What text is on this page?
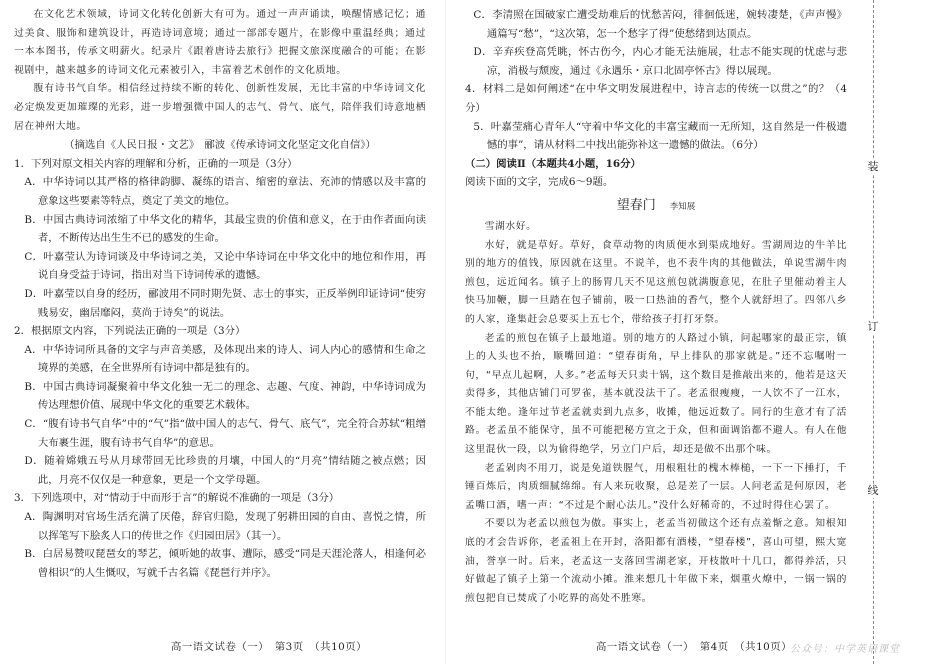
在文化艺术领域，诗词文化转化创新大有可为。通过一声声诵读，唤醒情感记忆；通过美食、服饰和建筑设计，再造诗词意境；通过一部部专题片，在影像中重温经典；通过一本本图书，传承文明薪火。纪录片《跟着唐诗去旅行》把握文旅深度融合的可能；在影视剧中，越来越多的诗词文化元素被引入，丰富着艺术创作的文化质地。

腹有诗书气自华。相信经过持续不断的转化、创新性发展，无比丰富的中华诗词文化必定焕发更加璀璨的光彩，进一步增强微中国人的志气、骨气、底气，陪伴我们诗意地栖居在神州大地。

（摘选自《人民日报・文艺》　郦波《传承诗词文化坚定文化自信》）

1．下列对原文相关内容的理解和分析，正确的一项是（3分）

A．中华诗词以其严格的格律韵脚、凝练的语言、缩密的章法、充沛的情感以及丰富的意象这些要素等特点，奠定了美文的地位。

B．中国古典诗词浓缩了中华文化的精华，其最宝贵的价值和意义，在于由作者面向读者，不断传达出生生不已的感发的生命。

C．叶嘉莹认为诗词谈及中华诗词之美，又论中华诗词在中华文化中的地位和作用，再说自身受益于诗词，指出对当下诗词传承的遗憾。

D．叶嘉莹以自身的经历，郦波用不同时期先贤、志士的事实，正反举例印证诗词“使穷贱易安，幽居靡闷，莫尚于诗矣”的说法。

2．根据原文内容，下列说法正确的一项是（3分）

A．中华诗词所具备的文字与声音美感，及体现出来的诗人、词人内心的感情和生命之境界的美感，在全世界所有诗词中都是独有的。

B．中国古典诗词凝聚着中华文化独一无二的理念、志趣、气度、神韵，中华诗词成为传达理想价值、展现中华文化的重要艺术载体。

C．“腹有诗书气自华”中的“气”指“做中国人的志气、骨气、底气”，完全符合苏轼“粗缯大布裹生涯，腹有诗书气自华”的意思。

D．随着嫦娥五号从月球带回无比珍贵的月壤，中国人的“月亮”情结随之被点燃；因此，月亮不仅仅是一种意象，更是一个文学母题。

3．下列选项中，对“情动于中而形于言”的解说不准确的一项是（3分）

A．陶渊明对官场生活充满了厌倦，辞官归隐，发现了躬耕田园的自由、喜悦之情，所以挥笔写下脍炙人口的传世之作《归园田居》（其一）。

B．白居易赞叹琵琶女的琴艺，倾听她的故事、遭际，感受“同是天涯沦落人，相逢何必曾相识”的人生慨叹，写就千古名篇《琵琶行并序》。

C．李清照在国破家亡遭受劫难后的忧愁苦闷，徘徊低迷，婉转凄楚，《声声慢》通篇写“愁”，“这次第，怎一个愁字了得”使愁绪到达顶点。

D．辛弃疾登高凭眺，怀古伤今，内心才能无法施展，壮志不能实现的忧虑与悲凉，消极与颓废，通过《永遇乐・京口北固亭怀古》得以展现。

4．材料二是如何阐述“在中华文明发展进程中，诗言志的传统一以贯之”的？（4分）

5．叶嘉莹痛心青年人“守着中华文化的丰富宝藏而一无所知，这自然是一件极遗憾的事”，请从材料二中找出能弥补这一遗憾的做法。（6分）

（二）阅读Ⅱ（本题共4小题，16分）

阅读下面的文字，完成6～9题。

望春门 李知展

雪湖水好。

水好，就是草好。草好，食草动物的肉质便水到渠成地好。雪湖周边的牛羊比别的地方的值钱，原因就在这里。不说羊，也不表牛肉的其他做法，单说雪湖牛肉煎包，远近闻名。镇子上的肠胃几天不见这煎包就满腹意见，在肚子里催动着主人快马加鞭，脚一旦踏在包子铺前，吸一口热油的香气，整个人就舒坦了。四邻八乡的人家，逢集赶会总要买上五七个，带给孩子打打牙祭。

老孟的煎包在镇子上最地道。别的地方的人路过小镇，问起哪家的最正宗，镇上的人头也不抬，顺嘴回道：“望春街角，早上排队的那家就是。”还不忘嘱咐一句，“早点儿起啊，人多。”老孟每天只卖十锅，这个数目是推敲出来的，他若是这天卖得多，其他店铺门可罗雀，基本就没法干了。老孟很瘦瘦，一人饮不了一江水，不能太绝。逢年过节老孟就卖到九点多，收摊，他远近数了。同行的生意才有了活路。老孟虽不能保守，虽不可能把秘方宣之于众，但和面调馅都不避人。有人在他这里混伙一段，以为偷得绝学，另立门户后，却还是做不出那个味。

老孟剁肉不用刀，说是免道铁腥气，用根粗壮的槐木棒槌，一下一下捶打，千锤百炼后，肉质细腻绵绵。有人来玩收聚，总是差了一层。人问老孟是何原因，老孟嘴口酒，嗜一声：“不过是个耐心法儿。”没什么好稀奇的，不过时得住心罢了。

不要以为老孟以煎包为傲。事实上，老孟当初做这个还有点羞惭之意。知根知底的才会告诉你，老孟祖上在开封，洛阳都有酒楼，“望春楼”，喜山可望，熙大宽油，誉享一时。后来，老孟这一支落回雪湖老家，开枝散叶十几口，都得养活，只好做起了镇子上第一个流动小摊。淮来想几十年做下来，烟重火燎中，一锅一锅的煎包把自已焚成了小吃界的高处不胜寒。

高一语文试卷（一）　第3页　（共10页）	高一语文试卷（一）　第4页　（共10页）
公众号：中学英语课堂
装
订
线
